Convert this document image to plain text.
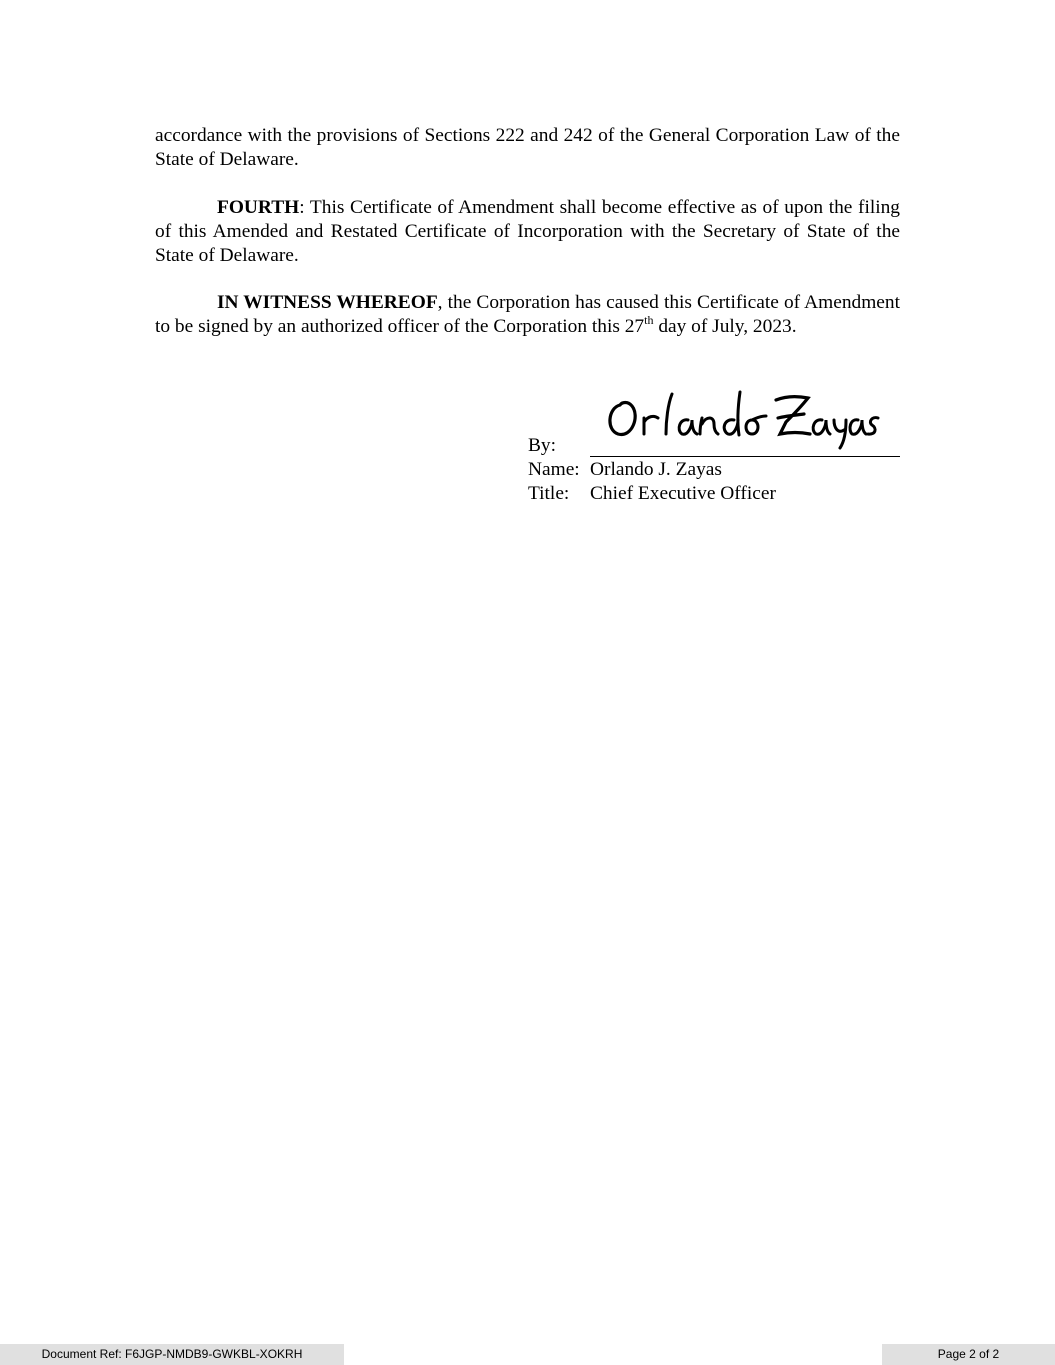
accordance with the provisions of Sections 222 and 242 of the General Corporation Law of the State of Delaware.

FOURTH: This Certificate of Amendment shall become effective as of upon the filing of this Amended and Restated Certificate of Incorporation with the Secretary of State of the State of Delaware.

IN WITNESS WHEREOF, the Corporation has caused this Certificate of Amendment to be signed by an authorized officer of the Corporation this 27th day of July, 2023.

By:
Name: Orlando J. Zayas
Title: Chief Executive Officer
Document Ref: F6JGP-NMDB9-GWKBL-XOKRH	Page 2 of 2
